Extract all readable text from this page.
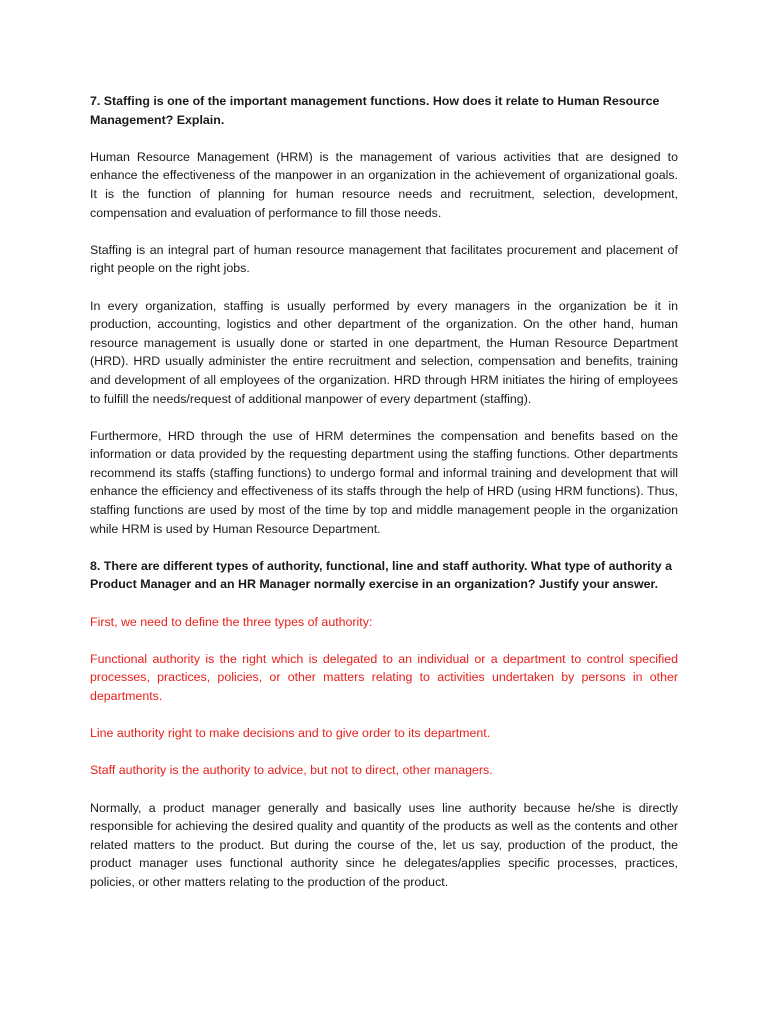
7. Staffing is one of the important management functions. How does it relate to Human Resource Management? Explain.

Human Resource Management (HRM) is the management of various activities that are designed to enhance the effectiveness of the manpower in an organization in the achievement of organizational goals. It is the function of planning for human resource needs and recruitment, selection, development, compensation and evaluation of performance to fill those needs.

Staffing is an integral part of human resource management that facilitates procurement and placement of right people on the right jobs.

In every organization, staffing is usually performed by every managers in the organization be it in production, accounting, logistics and other department of the organization. On the other hand, human resource management is usually done or started in one department, the Human Resource Department (HRD). HRD usually administer the entire recruitment and selection, compensation and benefits, training and development of all employees of the organization. HRD through HRM initiates the hiring of employees to fulfill the needs/request of additional manpower of every department (staffing).

Furthermore, HRD through the use of HRM determines the compensation and benefits based on the information or data provided by the requesting department using the staffing functions. Other departments recommend its staffs (staffing functions) to undergo formal and informal training and development that will enhance the efficiency and effectiveness of its staffs through the help of HRD (using HRM functions). Thus, staffing functions are used by most of the time by top and middle management people in the organization while HRM is used by Human Resource Department.

8. There are different types of authority, functional, line and staff authority. What type of authority a Product Manager and an HR Manager normally exercise in an organization? Justify your answer.

First, we need to define the three types of authority:

Functional authority is the right which is delegated to an individual or a department to control specified processes, practices, policies, or other matters relating to activities undertaken by persons in other departments.

Line authority right to make decisions and to give order to its department.

Staff authority is the authority to advice, but not to direct, other managers.

Normally, a product manager generally and basically uses line authority because he/she is directly responsible for achieving the desired quality and quantity of the products as well as the contents and other related matters to the product. But during the course of the, let us say, production of the product, the product manager uses functional authority since he delegates/applies specific processes, practices, policies, or other matters relating to the production of the product.
